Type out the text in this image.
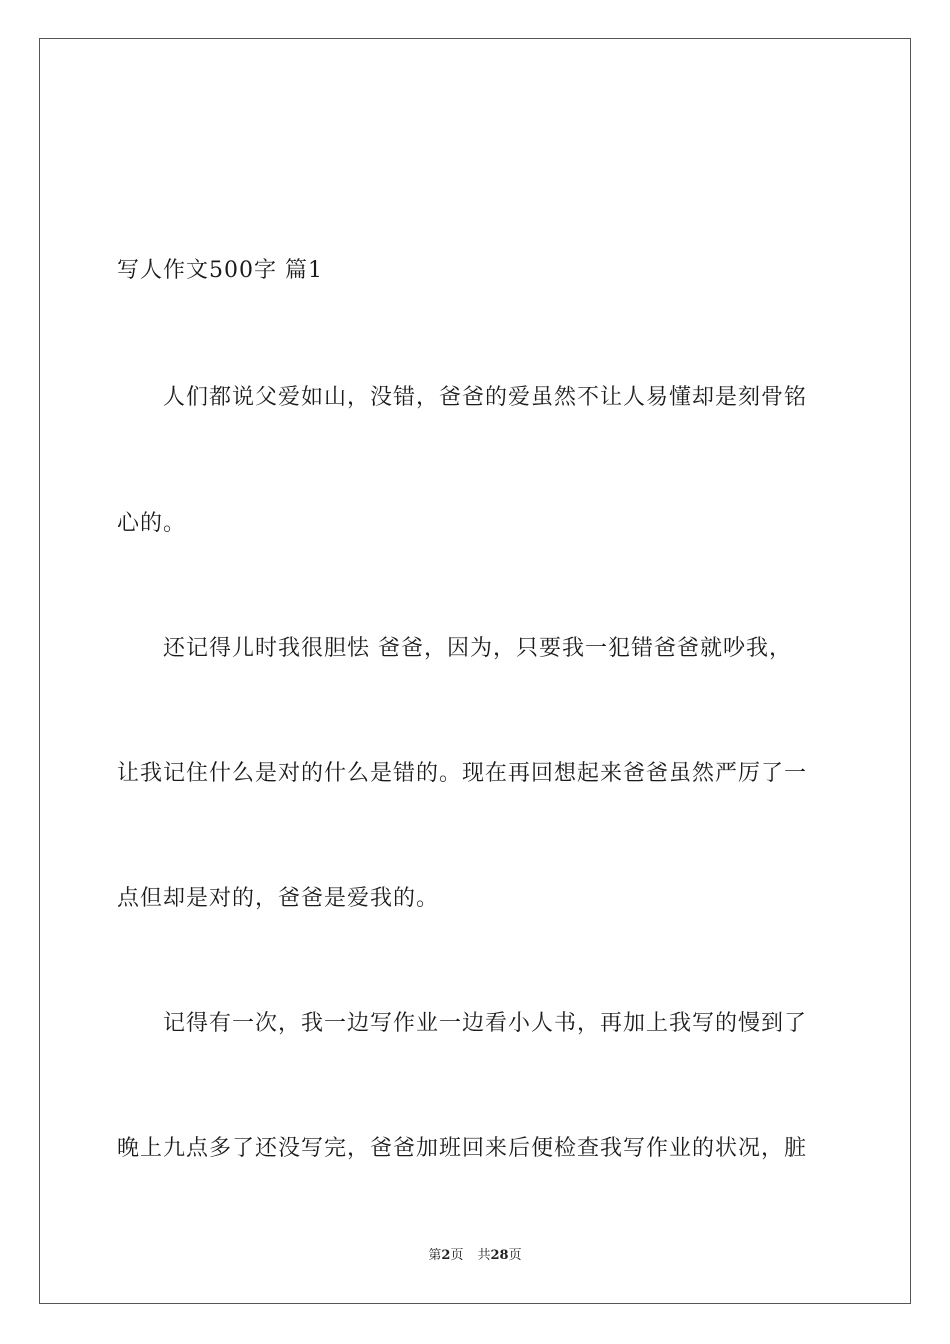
写人作文500字 篇1
人们都说父爱如山，没错，爸爸的爱虽然不让人易懂却是刻骨铭
心的。
还记得儿时我很胆怯 爸爸，因为，只要我一犯错爸爸就吵我，
让我记住什么是对的什么是错的。现在再回想起来爸爸虽然严厉了一
点但却是对的，爸爸是爱我的。
记得有一次，我一边写作业一边看小人书，再加上我写的慢到了
晚上九点多了还没写完，爸爸加班回来后便检查我写作业的状况，脏
第2页 共28页
